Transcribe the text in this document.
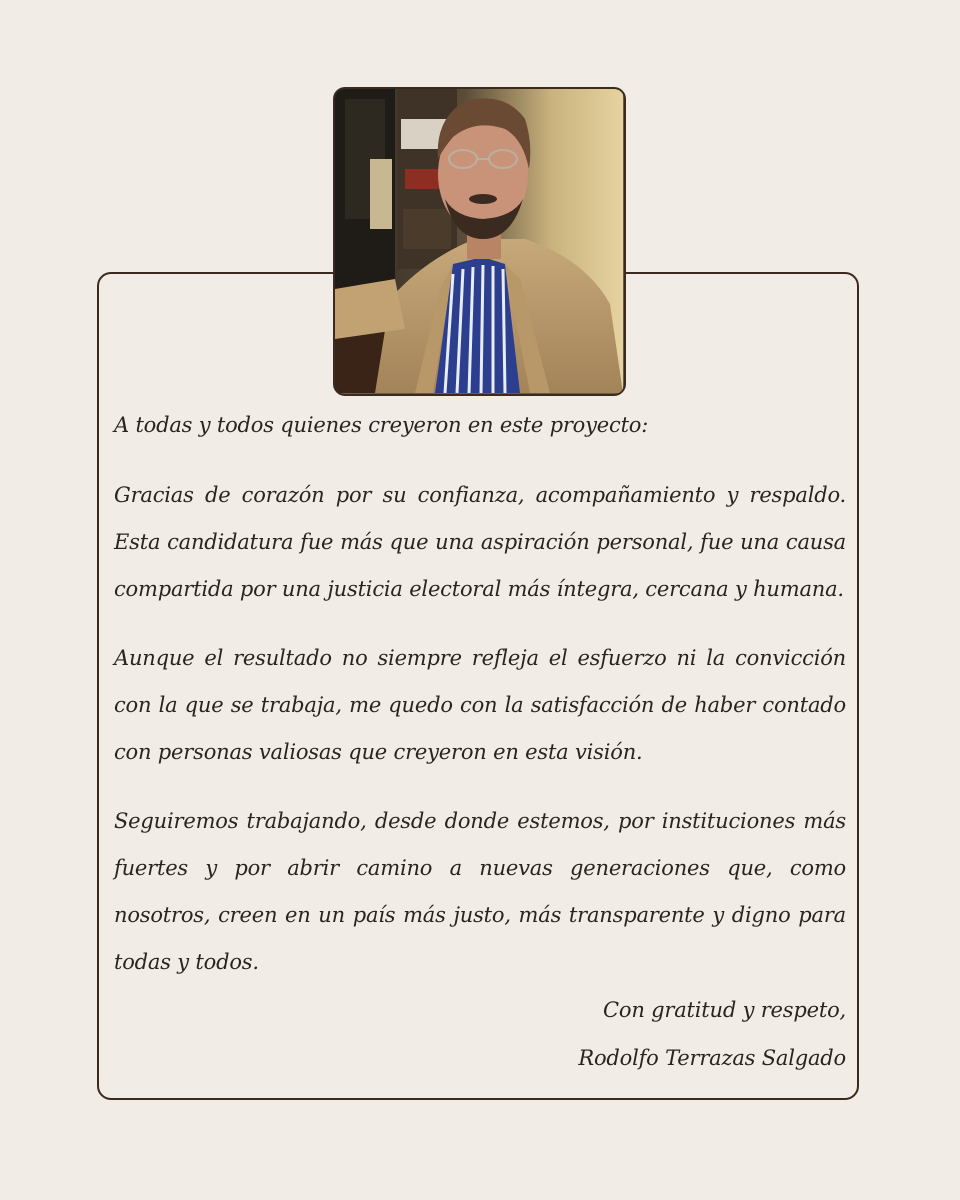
A todas y todos quienes creyeron en este proyecto:

Gracias de corazón por su confianza, acompañamiento y respaldo. Esta candidatura fue más que una aspiración personal, fue una causa compartida por una justicia electoral más íntegra, cercana y humana.

Aunque el resultado no siempre refleja el esfuerzo ni la convicción con la que se trabaja, me quedo con la satisfacción de haber contado con personas valiosas que creyeron en esta visión.

Seguiremos trabajando, desde donde estemos, por instituciones más fuertes y por abrir camino a nuevas generaciones que, como nosotros, creen en un país más justo, más transparente y digno para todas y todos.

Con gratitud y respeto,

Rodolfo Terrazas Salgado
